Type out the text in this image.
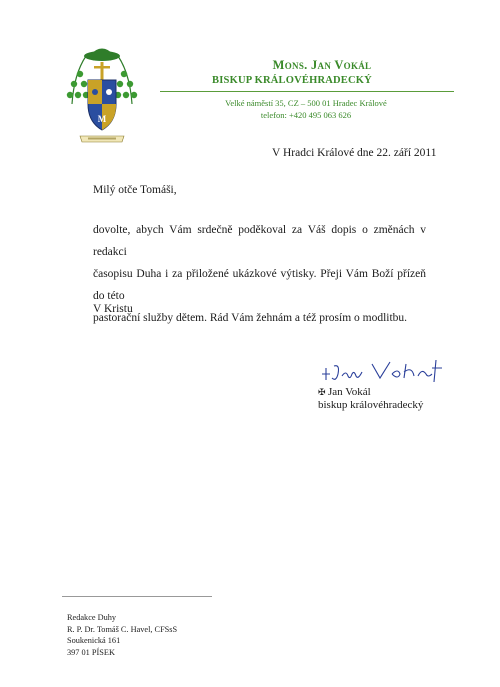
M
Mons. Jan Vokál
BISKUP KRÁLOVÉHRADECKÝ
Velké náměstí 35, CZ – 500 01 Hradec Králové
telefon: +420 495 063 626
V Hradci Králové dne 22. září 2011
Milý otče Tomáši,
dovolte, abych Vám srdečně poděkoval za Váš dopis o změnách v redakci
časopisu Duha i za přiložené ukázkové výtisky. Přeji Vám Boží přízeň do této
pastorační služby dětem. Rád Vám žehnám a též prosím o modlitbu.
V Kristu
✠ Jan Vokál
biskup královéhradecký
Redakce Duhy
R. P. Dr. Tomáš C. Havel, CFSsS
Soukenická 161
397 01 PÍSEK
